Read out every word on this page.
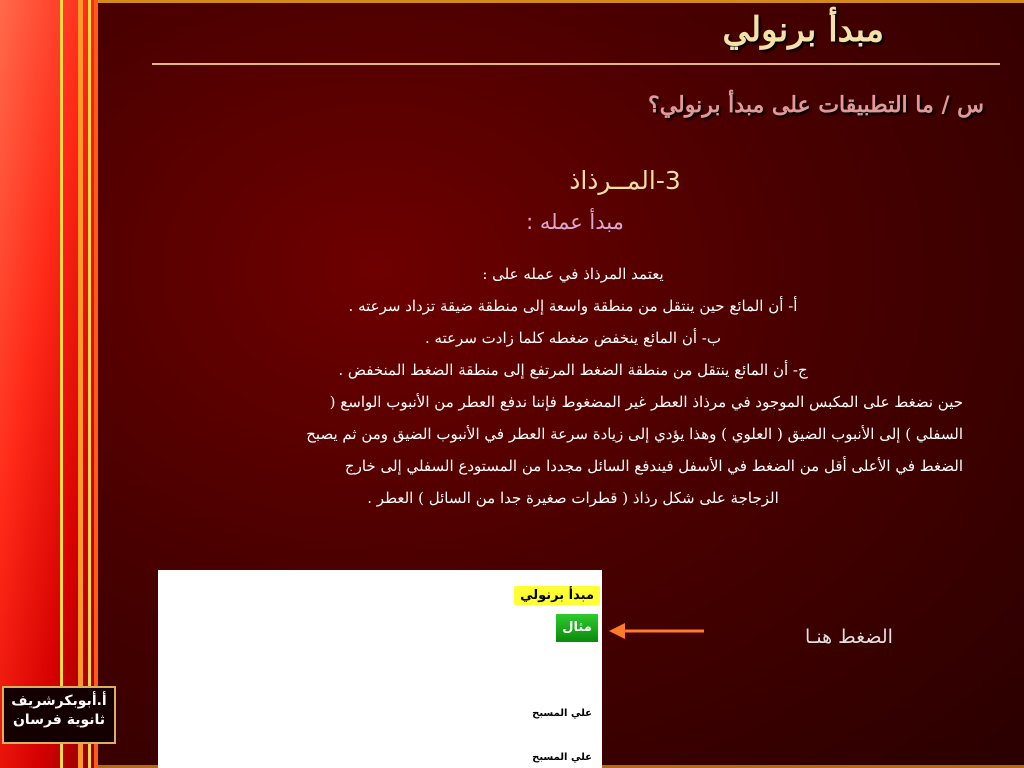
مبدأ برنولي
س / ما التطبيقات على مبدأ برنولي؟
3-المــرذاذ
مبدأ عمله :
يعتمد المرذاذ في عمله على :
أ- أن المائع حين ينتقل من منطقة واسعة إلى منطقة ضيقة تزداد سرعته .
ب- أن المائع ينخفض ضغطه كلما زادت سرعته .
ج- أن المائع ينتقل من منطقة الضغط المرتفع إلى منطقة الضغط المنخفض .
حين نضغط على المكبس الموجود في مرذاذ العطر غير المضغوط فإننا ندفع العطر من الأنبوب الواسع (
السفلي ) إلى الأنبوب الضيق ( العلوي ) وهذا يؤدي إلى زيادة سرعة العطر في الأنبوب الضيق ومن ثم يصبح
الضغط في الأعلى أقل من الضغط في الأسفل فيندفع السائل مجددا من المستودع السفلي إلى خارج
الزجاجة على شكل رذاذ ( قطرات صغيرة جدا من السائل ) العطر .
مبدأ برنولي
مثال
علي المسبح
علي المسبح
الضغط هنـا
أ.أبوبكرشريف
ثانوية فرسان
